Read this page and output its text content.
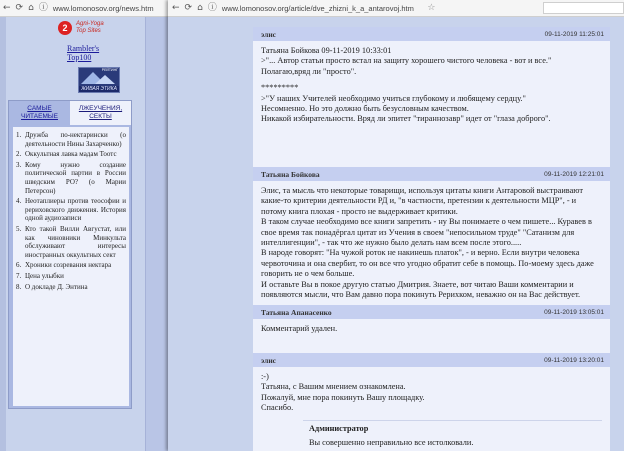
← ⟳ ⌂ ⓘ www.lomonosov.org/news.htm
2	Agni-Yoga
Top Sites
Rambler's
Top100
РЕЙТИНГ
ЖИВАЯ ЭТИКА
САМЫЕ ЧИТАЕМЫЕ
ЛЖЕУЧЕНИЯ, СЕКТЫ
1. Дружба по-нектарински (о деятельности Нины Захарченко)
2. Оккультная лавка мадам Тоотс
3. Кому нужно создание политической партии в России шведским РО? (о Марии Петерсон)
4. Неотаплиеры против теософии и рериховского движения. История одной аудиозаписи
5. Кто такой Вилли Августат, или как чиновники Минкульта обслуживают интересы иностранных оккультных сект
6. Хроники созревания нектара
7. Цена улыбки
8. О докладе Д. Энтина
← ⟳ ⌂ ⓘ www.lomonosov.org/article/dve_zhizni_k_a_antarovoj.htm	☆
элис	09-11-2019 11:25:01

Татьяна Бойкова 09-11-2019 10:33:01

>"... Автор статьи просто встал на защиту хорошего чистого человека - вот и все."

Полагаю,вряд ли "просто".

*********

>"У наших Учителей необходимо учиться глубокому и любящему сердцу."

Несомненно. Но это должно быть безусловным качеством.

Никакой избирательности. Вряд ли эпитет "тираннозавр" идет от "глаза доброго".

Татьяна Бойкова	09-11-2019 12:21:01

Элис, та мысль что некоторые товарищи, используя цитаты книги Антаровой выстраивают какие-то критерии деятельности РД и, "в частности, претензии к деятельности МЦР", - и потому книга плохая - просто не выдерживает критики.

В таком случае необходимо все книги запретить - ну Вы понимаете о чем пишете... Куравев в свое время так понадёргал цитат из Учения в своем "непосильном труде" "Сатанизм для интеллигенции", - так что же нужно было делать нам всем после этого.....

В народе говорят: "На чужой роток не накинешь платок", - и верно. Если внутри человека червоточина и она свербит, то он все что угодно обратит себе в помощь. По-моему здесь даже говорить не о чем больше.

И оставьте Вы в покое другую статью Дмитрия. Знаете, вот читаю Ваши комментарии и появляются мысли, что Вам давно пора покинуть Рерихком, неважно он на Вас действует.

Татьяна Апанасенко	09-11-2019 13:05:01

Комментарий удален.

элис	09-11-2019 13:20:01

:-)

Татьяна, с Вашим мнением ознакомлена.

Пожалуй, мне пора покинуть Вашу площадку.

Спасибо.

Администратор
Вы совершенно неправильно все истолковали.
